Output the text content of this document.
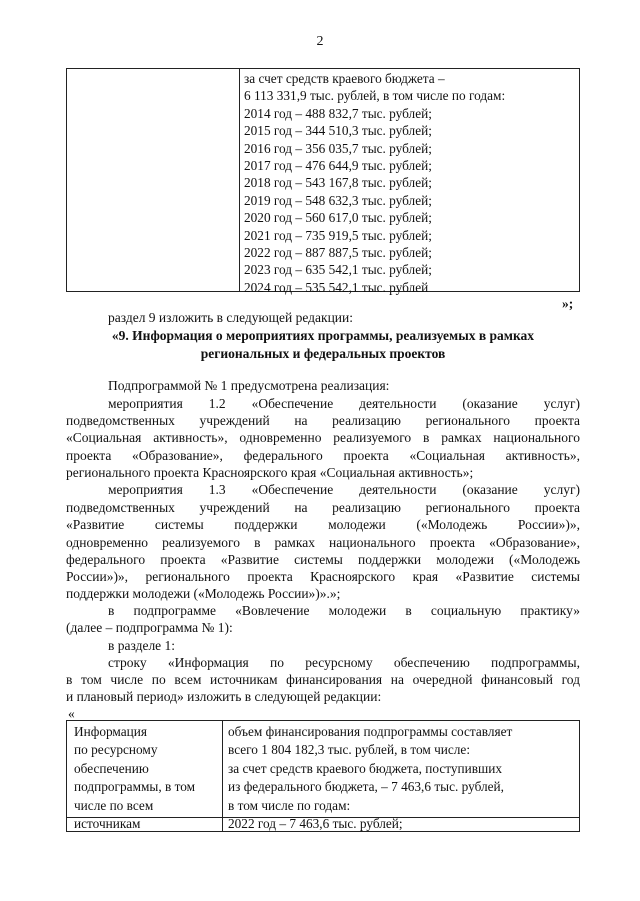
2
за счет средств краевого бюджета –
6 113 331,9 тыс. рублей, в том числе по годам:
2014 год – 488 832,7 тыс. рублей;
2015 год – 344 510,3 тыс. рублей;
2016 год – 356 035,7 тыс. рублей;
2017 год – 476 644,9 тыс. рублей;
2018 год – 543 167,8 тыс. рублей;
2019 год – 548 632,3 тыс. рублей;
2020 год – 560 617,0 тыс. рублей;
2021 год – 735 919,5 тыс. рублей;
2022 год – 887 887,5 тыс. рублей;
2023 год – 635 542,1 тыс. рублей;
2024 год – 535 542,1 тыс. рублей
»;
раздел 9 изложить в следующей редакции:
«9. Информация о мероприятиях программы, реализуемых в рамках
региональных и федеральных проектов
Подпрограммой № 1 предусмотрена реализация:
мероприятия 1.2 «Обеспечение деятельности (оказание услуг)
подведомственных учреждений на реализацию регионального проекта
«Социальная активность», одновременно реализуемого в рамках национального
проекта «Образование», федерального проекта «Социальная активность»,
регионального проекта Красноярского края «Социальная активность»;
мероприятия 1.3 «Обеспечение деятельности (оказание услуг)
подведомственных учреждений на реализацию регионального проекта
«Развитие системы поддержки молодежи («Молодежь России»)»,
одновременно реализуемого в рамках национального проекта «Образование»,
федерального проекта «Развитие системы поддержки молодежи («Молодежь
России»)», регионального проекта Красноярского края «Развитие системы
поддержки молодежи («Молодежь России»)».»;
в подпрограмме «Вовлечение молодежи в социальную практику»
(далее – подпрограмма № 1):
в разделе 1:
строку «Информация по ресурсному обеспечению подпрограммы,
в том числе по всем источникам финансирования на очередной финансовый год
и плановый период» изложить в следующей редакции:
«
Информация
по ресурсному
обеспечению
подпрограммы, в том
числе по всем
источникам
объем финансирования подпрограммы составляет
всего 1 804 182,3 тыс. рублей, в том числе:
за счет средств краевого бюджета, поступивших
из федерального бюджета, – 7 463,6 тыс. рублей,
в том числе по годам:
2022 год – 7 463,6 тыс. рублей;
